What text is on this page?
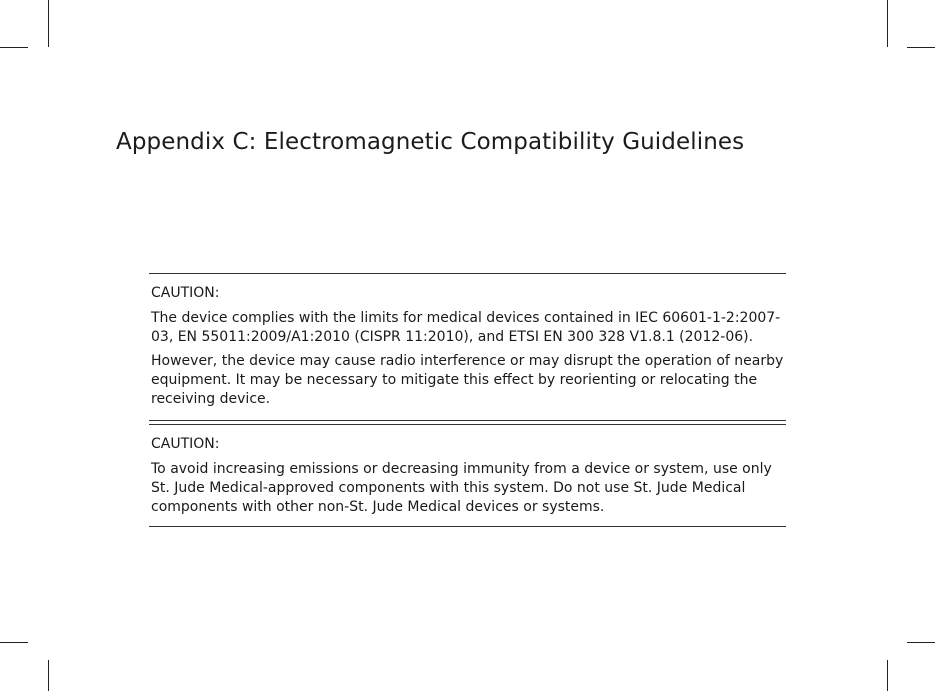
Appendix C: Electromagnetic Compatibility Guidelines

CAUTION:

The device complies with the limits for medical devices contained in IEC 60601-1-2:2007-03, EN 55011:2009/A1:2010 (CISPR 11:2010), and ETSI EN 300 328 V1.8.1 (2012-06).

However, the device may cause radio interference or may disrupt the operation of nearby equipment. It may be necessary to mitigate this effect by reorienting or relocating the receiving device.

CAUTION:

To avoid increasing emissions or decreasing immunity from a device or system, use only St. Jude Medical-approved components with this system. Do not use St. Jude Medical components with other non-St. Jude Medical devices or systems.
